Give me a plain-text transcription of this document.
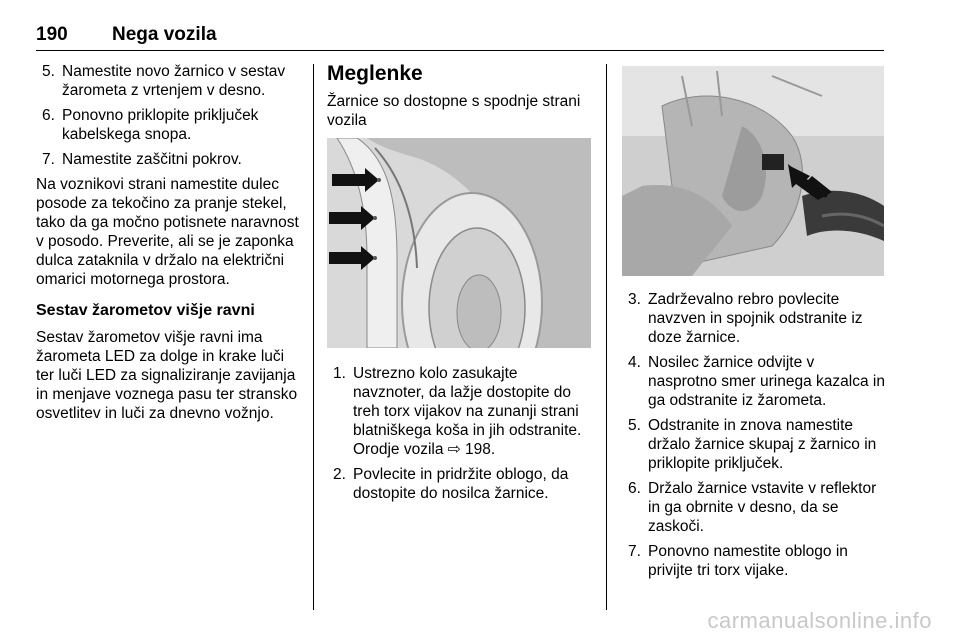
190 Nega vozila
5. Namestite novo žarnico v sestav žarometa z vrtenjem v desno.
6. Ponovno priklopite priključek kabelskega snopa.
7. Namestite zaščitni pokrov.

Na voznikovi strani namestite dulec posode za tekočino za pranje stekel, tako da ga močno potisnete naravnost v posodo. Preverite, ali se je zaponka dulca zataknila v držalo na električni omarici motornega prostora.

Sestav žarometov višje ravni

Sestav žarometov višje ravni ima žarometa LED za dolge in krake luči ter luči LED za signaliziranje zavijanja in menjave voznega pasu ter stransko osvetlitev in luči za dnevno vožnjo.

Meglenke

Žarnice so dostopne s spodnje strani vozila

1. Ustrezno kolo zasukajte navznoter, da lažje dostopite do treh torx vijakov na zunanji strani blatniškega koša in jih odstranite. Orodje vozila ⇨ 198.
2. Povlecite in pridržite oblogo, da dostopite do nosilca žarnice.
3. Zadrževalno rebro povlecite navzven in spojnik odstranite iz doze žarnice.
4. Nosilec žarnice odvijte v nasprotno smer urinega kazalca in ga odstranite iz žarometa.
5. Odstranite in znova namestite držalo žarnice skupaj z žarnico in priklopite priključek.
6. Držalo žarnice vstavite v reflektor in ga obrnite v desno, da se zaskoči.
7. Ponovno namestite oblogo in privijte tri torx vijake.
carmanualsonline.info
